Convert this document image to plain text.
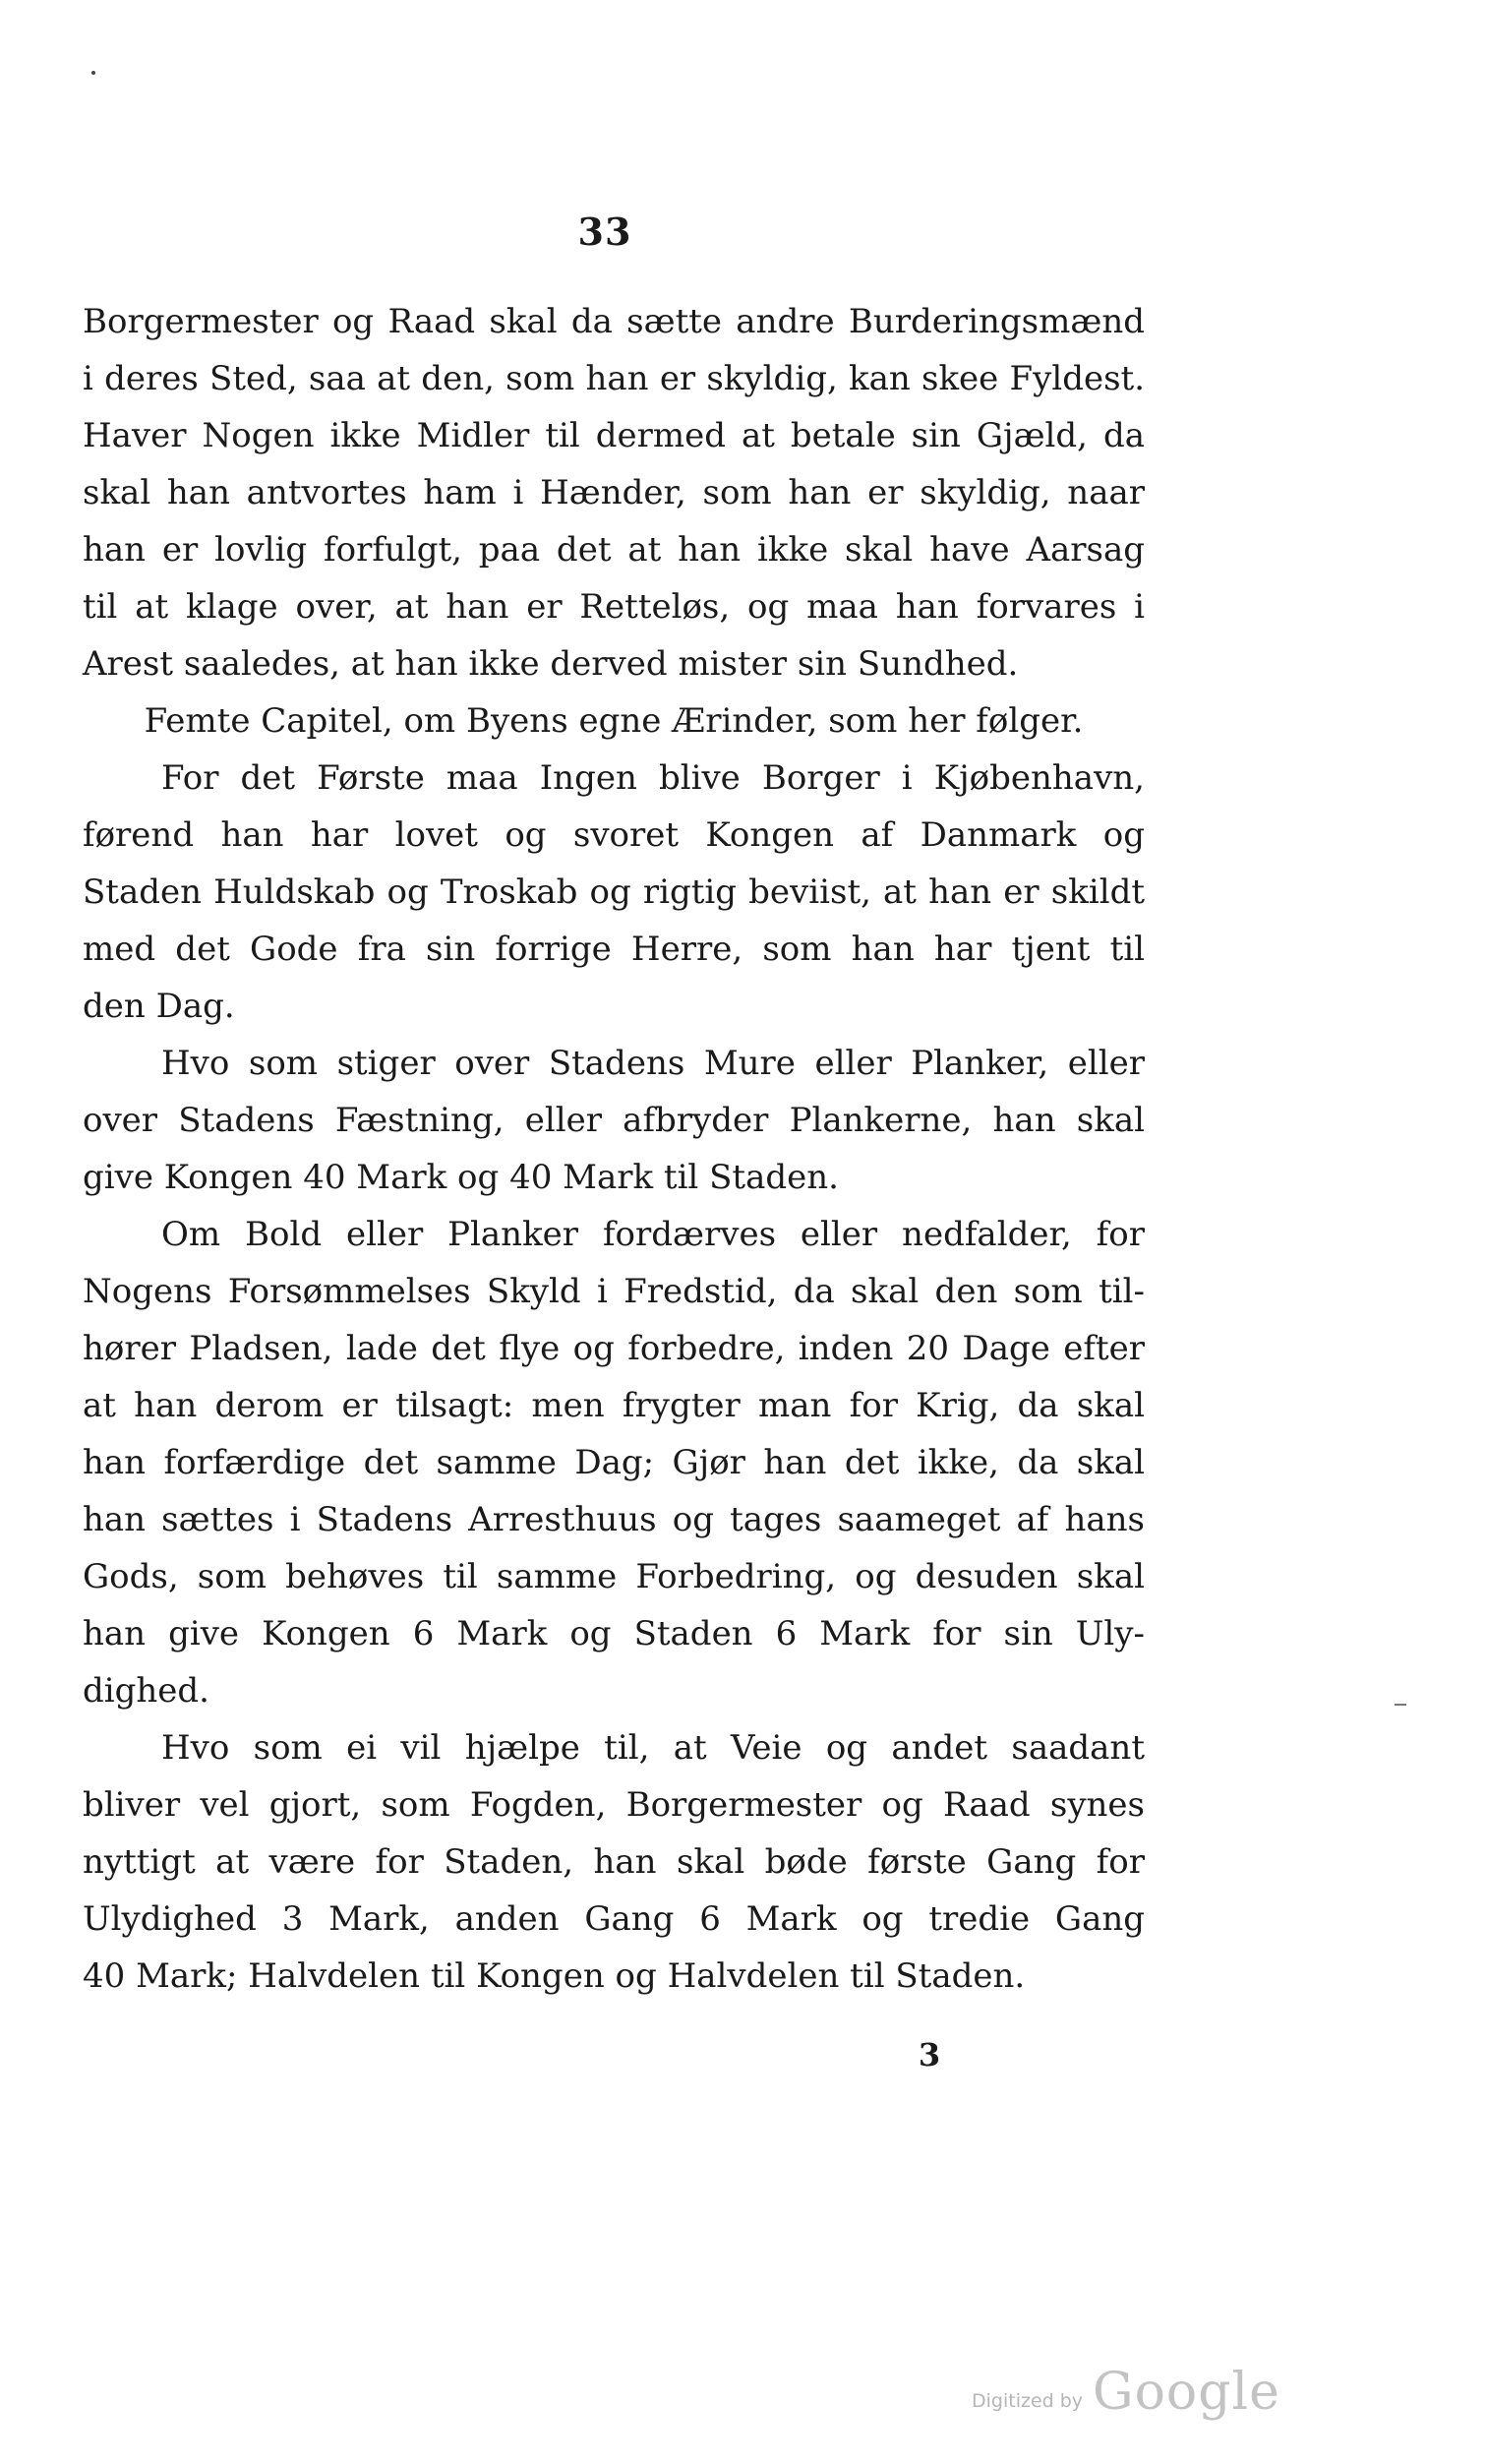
33
Borgermester og Raad skal da sætte andre Burderingsmænd
i deres Sted, saa at den, som han er skyldig, kan skee Fyldest.
Haver Nogen ikke Midler til dermed at betale sin Gjæld, da
skal han antvortes ham i Hænder, som han er skyldig, naar
han er lovlig forfulgt, paa det at han ikke skal have Aarsag
til at klage over, at han er Retteløs, og maa han forvares i
Arest saaledes, at han ikke derved mister sin Sundhed.
Femte Capitel, om Byens egne Ærinder, som her følger.
For det Første maa Ingen blive Borger i Kjøbenhavn,
førend han har lovet og svoret Kongen af Danmark og
Staden Huldskab og Troskab og rigtig beviist, at han er skildt
med det Gode fra sin forrige Herre, som han har tjent til
den Dag.
Hvo som stiger over Stadens Mure eller Planker, eller
over Stadens Fæstning, eller afbryder Plankerne, han skal
give Kongen 40 Mark og 40 Mark til Staden.
Om Bold eller Planker fordærves eller nedfalder, for
Nogens Forsømmelses Skyld i Fredstid, da skal den som til-
hører Pladsen, lade det flye og forbedre, inden 20 Dage efter
at han derom er tilsagt: men frygter man for Krig, da skal
han forfærdige det samme Dag; Gjør han det ikke, da skal
han sættes i Stadens Arresthuus og tages saameget af hans
Gods, som behøves til samme Forbedring, og desuden skal
han give Kongen 6 Mark og Staden 6 Mark for sin Uly-
dighed.
Hvo som ei vil hjælpe til, at Veie og andet saadant
bliver vel gjort, som Fogden, Borgermester og Raad synes
nyttigt at være for Staden, han skal bøde første Gang for
Ulydighed 3 Mark, anden Gang 6 Mark og tredie Gang
40 Mark; Halvdelen til Kongen og Halvdelen til Staden.
3
Digitized by Google
